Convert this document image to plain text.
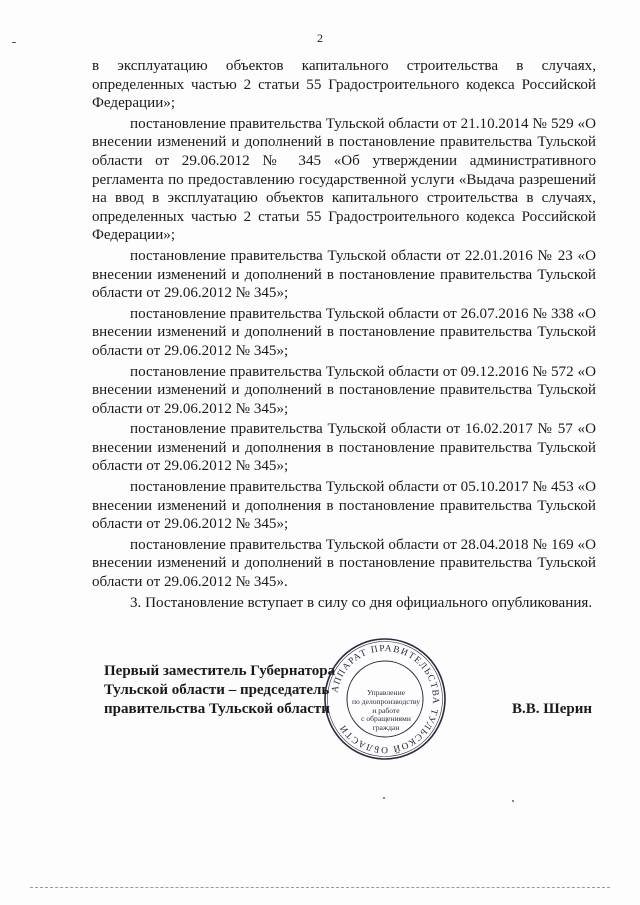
2

в эксплуатацию объектов капитального строительства в случаях, определенных частью 2 статьи 55 Градостроительного кодекса Российской Федерации»;

постановление правительства Тульской области от 21.10.2014 № 529 «О внесении изменений и дополнений в постановление правительства Тульской области от 29.06.2012 № 345 «Об утверждении административного регламента по предоставлению государственной услуги «Выдача разрешений на ввод в эксплуатацию объектов капитального строительства в случаях, определенных частью 2 статьи 55 Градостроительного кодекса Российской Федерации»;

постановление правительства Тульской области от 22.01.2016 № 23 «О внесении изменений и дополнений в постановление правительства Тульской области от 29.06.2012 № 345»;

постановление правительства Тульской области от 26.07.2016 № 338 «О внесении изменений и дополнений в постановление правительства Тульской области от 29.06.2012 № 345»;

постановление правительства Тульской области от 09.12.2016 № 572 «О внесении изменений и дополнений в постановление правительства Тульской области от 29.06.2012 № 345»;

постановление правительства Тульской области от 16.02.2017 № 57 «О внесении изменений и дополнения в постановление правительства Тульской области от 29.06.2012 № 345»;

постановление правительства Тульской области от 05.10.2017 № 453 «О внесении изменений и дополнения в постановление правительства Тульской области от 29.06.2012 № 345»;

постановление правительства Тульской области от 28.04.2018 № 169 «О внесении изменений и дополнений в постановление правительства Тульской области от 29.06.2012 № 345».

3. Постановление вступает в силу со дня официального опубликования.

Первый заместитель Губернатора
Тульской области – председатель
правительства Тульской области
АППАРАТ ПРАВИТЕЛЬСТВА ТУЛЬСКОЙ ОБЛАСТИ
Управление
по делопроизводству
и работе
с обращениями
граждан
В.В. Шерин
